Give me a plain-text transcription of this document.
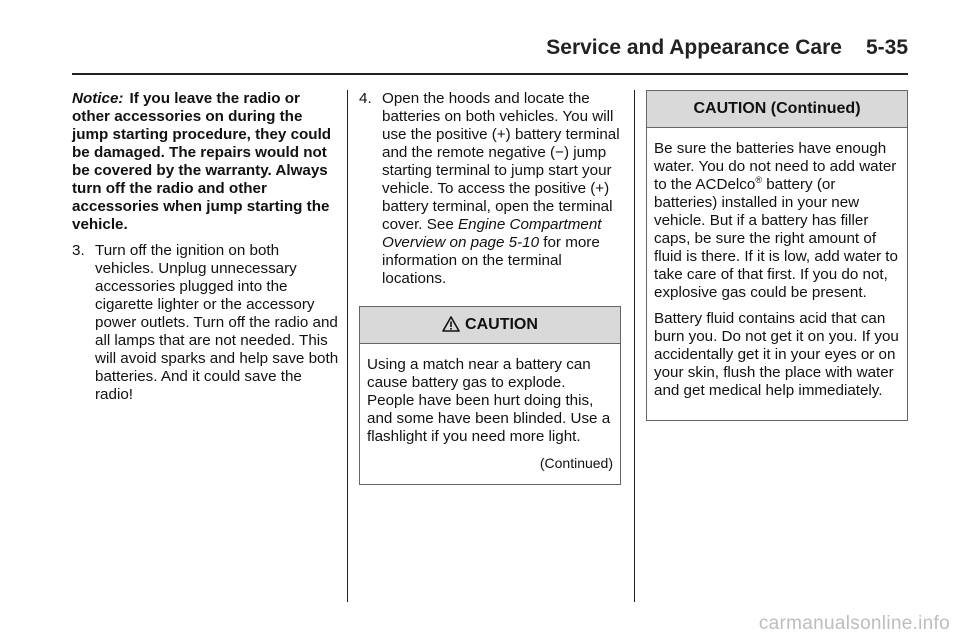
Service and Appearance Care 5-35

Notice: If you leave the radio or other accessories on during the jump starting procedure, they could be damaged. The repairs would not be covered by the warranty. Always turn off the radio and other accessories when jump starting the vehicle.

3. Turn off the ignition on both vehicles. Unplug unnecessary accessories plugged into the cigarette lighter or the accessory power outlets. Turn off the radio and all lamps that are not needed. This will avoid sparks and help save both batteries. And it could save the radio!

4. Open the hoods and locate the batteries on both vehicles. You will use the positive (+) battery terminal and the remote negative (−) jump starting terminal to jump start your vehicle. To access the positive (+) battery terminal, open the terminal cover. See Engine Compartment Overview on page 5-10 for more information on the terminal locations.

CAUTION

Using a match near a battery can cause battery gas to explode. People have been hurt doing this, and some have been blinded. Use a flashlight if you need more light.

(Continued)
CAUTION (Continued)

Be sure the batteries have enough water. You do not need to add water to the ACDelco® battery (or batteries) installed in your new vehicle. But if a battery has filler caps, be sure the right amount of fluid is there. If it is low, add water to take care of that first. If you do not, explosive gas could be present.

Battery fluid contains acid that can burn you. Do not get it on you. If you accidentally get it in your eyes or on your skin, flush the place with water and get medical help immediately.

carmanualsonline.info
